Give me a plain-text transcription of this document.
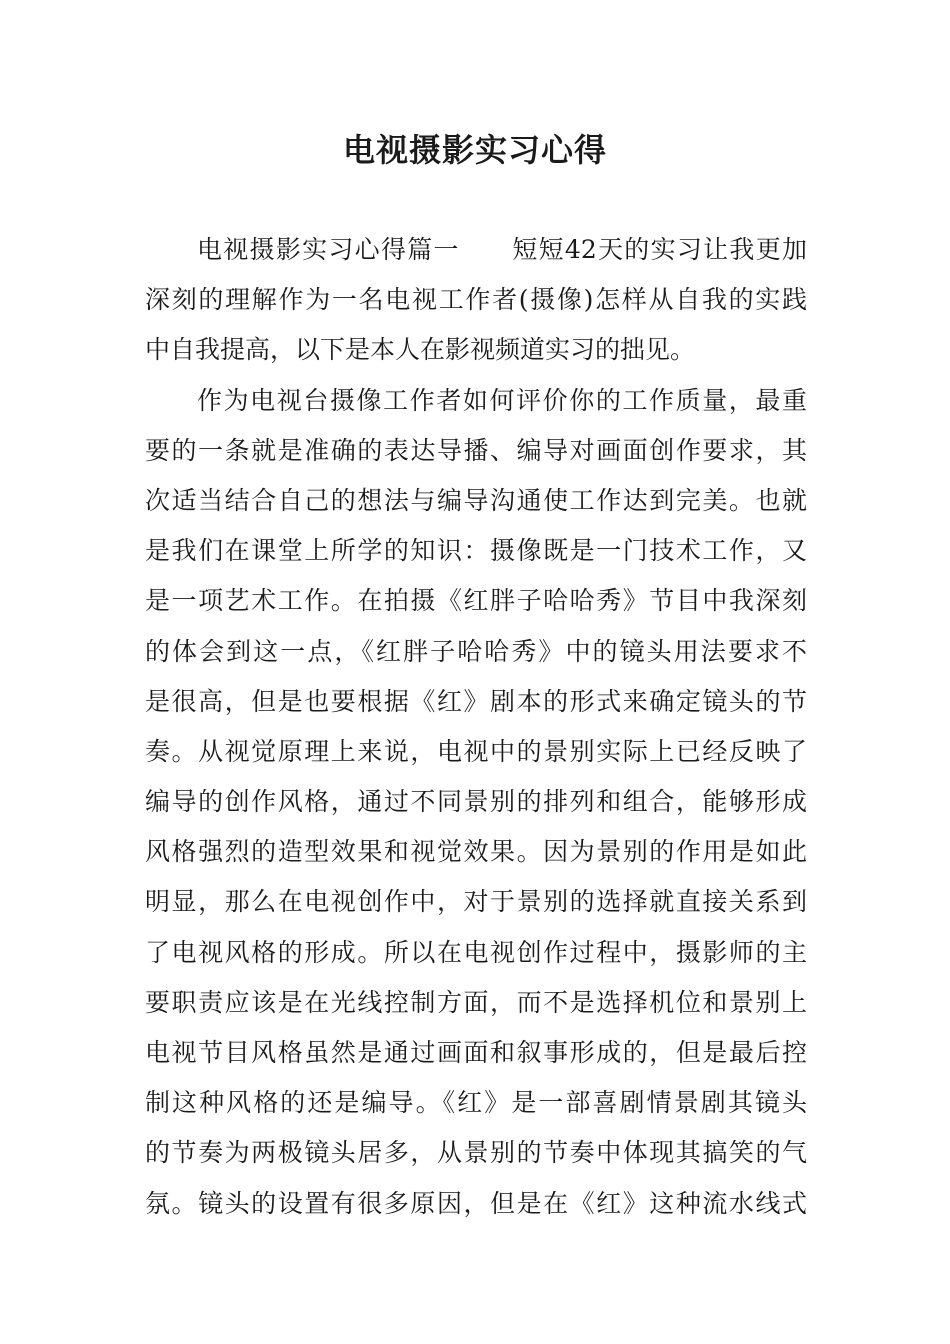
电视摄影实习心得
电视摄影实习心得篇一　　短短42天的实习让我更加
深刻的理解作为一名电视工作者(摄像)怎样从自我的实践
中自我提高，以下是本人在影视频道实习的拙见。
作为电视台摄像工作者如何评价你的工作质量，最重
要的一条就是准确的表达导播、编导对画面创作要求，其
次适当结合自己的想法与编导沟通使工作达到完美。也就
是我们在课堂上所学的知识：摄像既是一门技术工作，又
是一项艺术工作。在拍摄《红胖子哈哈秀》节目中我深刻
的体会到这一点，《红胖子哈哈秀》中的镜头用法要求不
是很高，但是也要根据《红》剧本的形式来确定镜头的节
奏。从视觉原理上来说，电视中的景别实际上已经反映了
编导的创作风格，通过不同景别的排列和组合，能够形成
风格强烈的造型效果和视觉效果。因为景别的作用是如此
明显，那么在电视创作中，对于景别的选择就直接关系到
了电视风格的形成。所以在电视创作过程中，摄影师的主
要职责应该是在光线控制方面，而不是选择机位和景别上
电视节目风格虽然是通过画面和叙事形成的，但是最后控
制这种风格的还是编导。《红》是一部喜剧情景剧其镜头
的节奏为两极镜头居多，从景别的节奏中体现其搞笑的气
氛。镜头的设置有很多原因，但是在《红》这种流水线式
